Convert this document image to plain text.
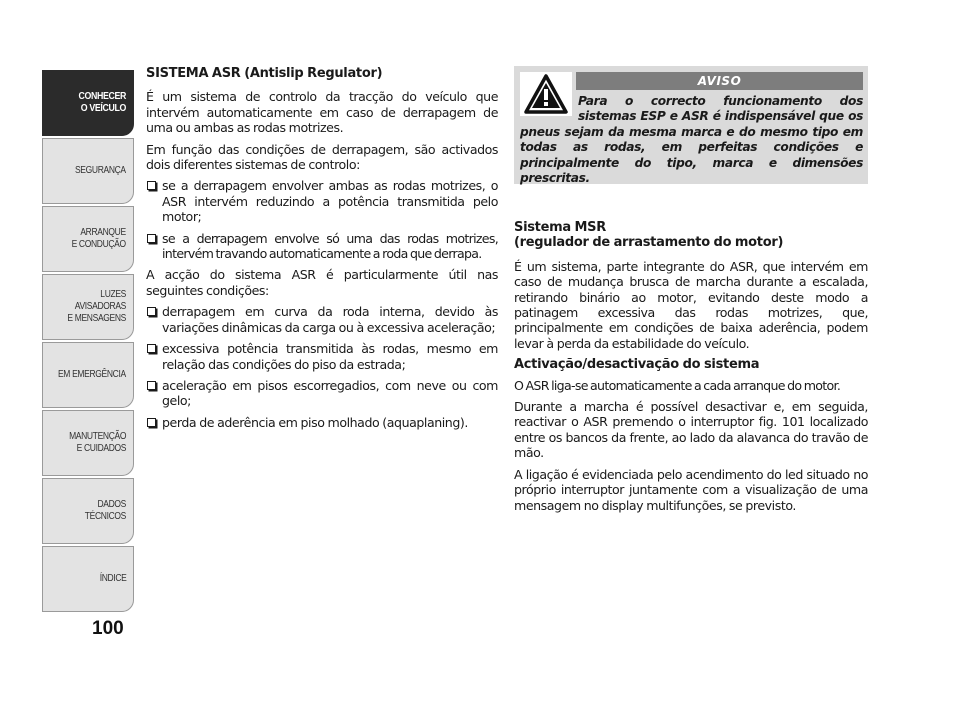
CONHECER
O VEÍCULO
SEGURANÇA
ARRANQUE
E CONDUÇÃO
LUZES AVISADORAS
E MENSAGENS
EM EMERGÊNCIA
MANUTENÇÃO
E CUIDADOS
DADOS TÉCNICOS
ÍNDICE
100

SISTEMA ASR (Antislip Regulator)

É um sistema de controlo da tracção do veículo que intervém automaticamente em caso de derrapagem de uma ou ambas as rodas motrizes.

Em função das condições de derrapagem, são activados dois diferentes sistemas de controlo:

se a derrapagem envolver ambas as rodas motrizes, o ASR intervém reduzindo a potência transmitida pelo motor;
se a derrapagem envolve só uma das rodas motrizes, intervém travando automaticamente a roda que derrapa.

A acção do sistema ASR é particularmente útil nas seguintes condições:

derrapagem em curva da roda interna, devido às variações dinâmicas da carga ou à excessiva aceleração;
excessiva potência transmitida às rodas, mesmo em relação das condições do piso da estrada;
aceleração em pisos escorregadios, com neve ou com gelo;
perda de aderência em piso molhado (aquaplaning).
AVISO

Para o correcto funcionamento dos sistemas ESP e ASR é indispensável que os pneus sejam da mesma marca e do mesmo tipo em todas as rodas, em perfeitas condições e principalmente do tipo, marca e dimensões prescritas.

Sistema MSR
(regulador de arrastamento do motor)

É um sistema, parte integrante do ASR, que intervém em caso de mudança brusca de marcha durante a escalada, retirando binário ao motor, evitando deste modo a patinagem excessiva das rodas motrizes, que, principalmente em condições de baixa aderência, podem levar à perda da estabilidade do veículo.

Activação/desactivação do sistema

O ASR liga-se automaticamente a cada arranque do motor.

Durante a marcha é possível desactivar e, em seguida, reactivar o ASR premendo o interruptor fig. 101 localizado entre os bancos da frente, ao lado da alavanca do travão de mão.

A ligação é evidenciada pelo acendimento do led situado no próprio interruptor juntamente com a visualização de uma mensagem no display multifunções, se previsto.
